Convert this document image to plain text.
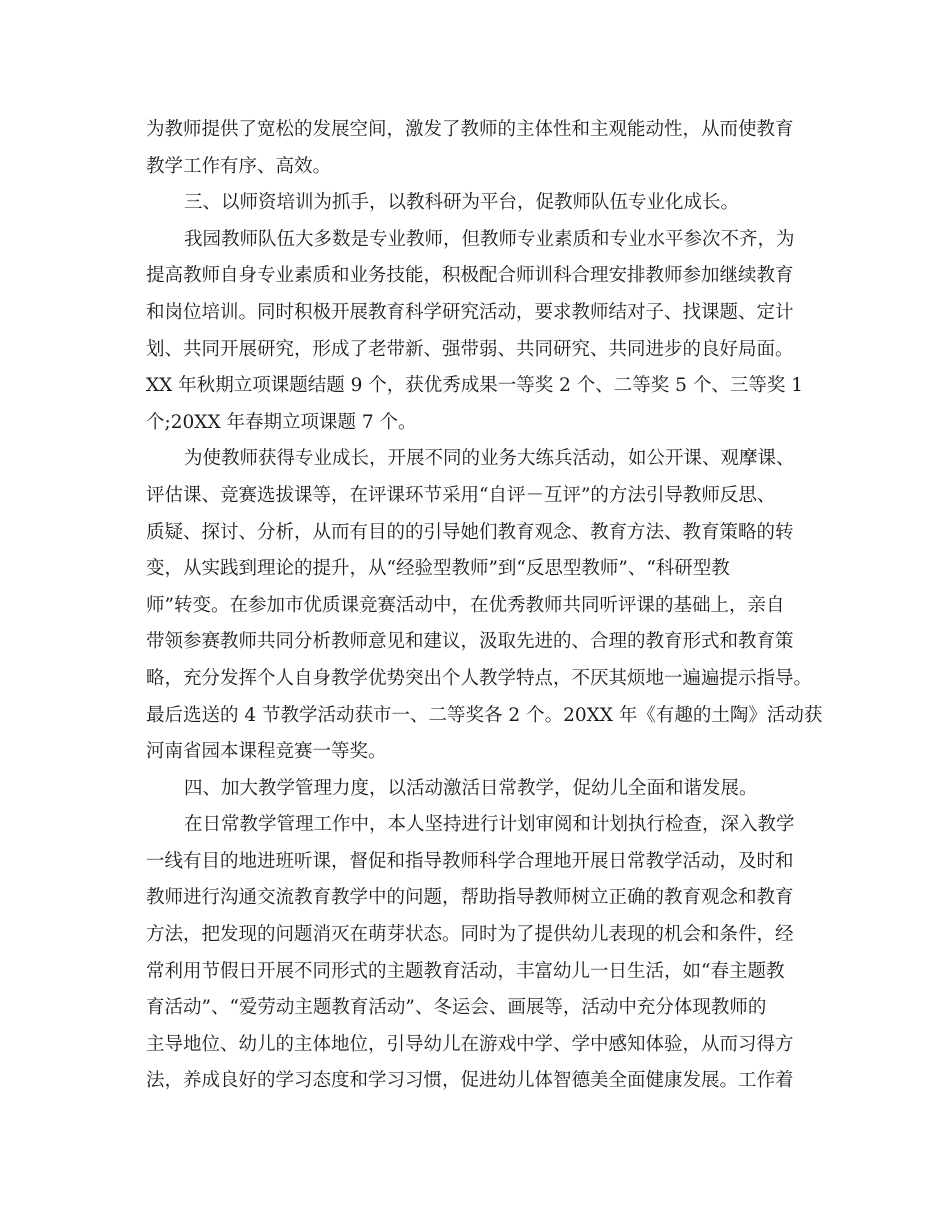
为教师提供了宽松的发展空间，激发了教师的主体性和主观能动性，从而使教育
教学工作有序、高效。
三、以师资培训为抓手，以教科研为平台，促教师队伍专业化成长。
我园教师队伍大多数是专业教师，但教师专业素质和专业水平参次不齐，为
提高教师自身专业素质和业务技能，积极配合师训科合理安排教师参加继续教育
和岗位培训。同时积极开展教育科学研究活动，要求教师结对子、找课题、定计
划、共同开展研究，形成了老带新、强带弱、共同研究、共同进步的良好局面。
XX 年秋期立项课题结题 9 个，获优秀成果一等奖 2 个、二等奖 5 个、三等奖 1
个;20XX 年春期立项课题 7 个。
为使教师获得专业成长，开展不同的业务大练兵活动，如公开课、观摩课、
评估课、竞赛选拔课等，在评课环节采用“自评－互评”的方法引导教师反思、
质疑、探讨、分析，从而有目的的引导她们教育观念、教育方法、教育策略的转
变，从实践到理论的提升，从“经验型教师”到“反思型教师”、“科研型教
师”转变。在参加市优质课竞赛活动中，在优秀教师共同听评课的基础上，亲自
带领参赛教师共同分析教师意见和建议，汲取先进的、合理的教育形式和教育策
略，充分发挥个人自身教学优势突出个人教学特点，不厌其烦地一遍遍提示指导。
最后选送的 4 节教学活动获市一、二等奖各 2 个。20XX 年《有趣的土陶》活动获
河南省园本课程竞赛一等奖。
四、加大教学管理力度，以活动激活日常教学，促幼儿全面和谐发展。
在日常教学管理工作中，本人坚持进行计划审阅和计划执行检查，深入教学
一线有目的地进班听课，督促和指导教师科学合理地开展日常教学活动，及时和
教师进行沟通交流教育教学中的问题，帮助指导教师树立正确的教育观念和教育
方法，把发现的问题消灭在萌芽状态。同时为了提供幼儿表现的机会和条件，经
常利用节假日开展不同形式的主题教育活动，丰富幼儿一日生活，如“春主题教
育活动”、“爱劳动主题教育活动”、冬运会、画展等，活动中充分体现教师的
主导地位、幼儿的主体地位，引导幼儿在游戏中学、学中感知体验，从而习得方
法，养成良好的学习态度和学习习惯，促进幼儿体智德美全面健康发展。工作着
